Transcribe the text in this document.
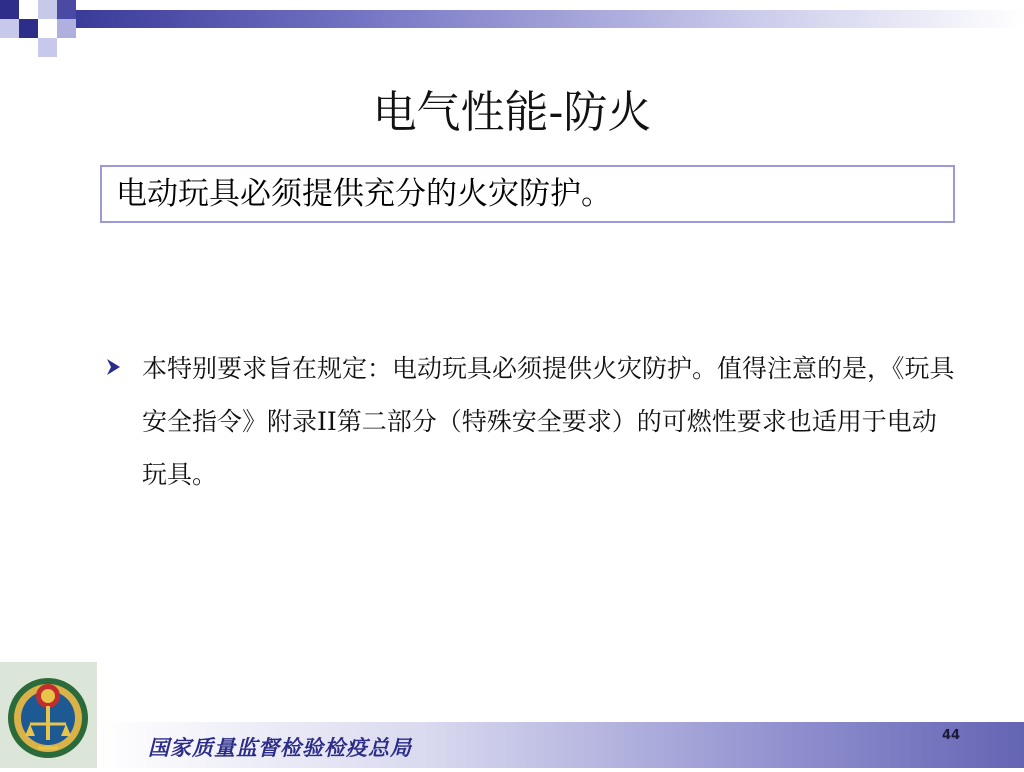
电气性能-防火
电动玩具必须提供充分的火灾防护。
本特别要求旨在规定：电动玩具必须提供火灾防护。值得注意的是，《玩具安全指令》附录II第二部分（特殊安全要求）的可燃性要求也适用于电动玩具。
国家质量监督检验检疫总局	44
